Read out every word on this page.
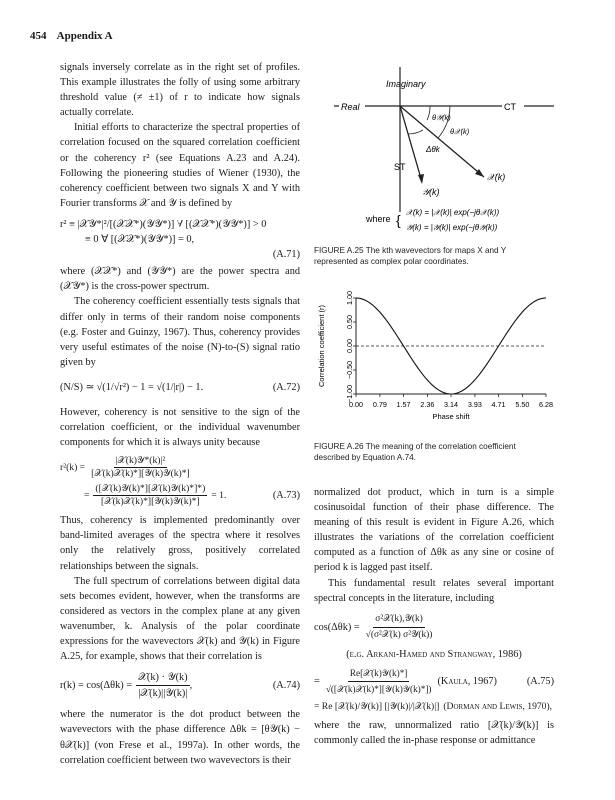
454 Appendix A

signals inversely correlate as in the right set of profiles. This example illustrates the folly of using some arbitrary threshold value (≠ ±1) of r to indicate how signals actually correlate.

Initial efforts to characterize the spectral properties of correlation focused on the squared correlation coefficient or the coherency r² (see Equations A.23 and A.24). Following the pioneering studies of Wiener (1930), the coherency coefficient between two signals X and Y with Fourier transforms 𝒳 and 𝒴 is defined by

r² ≡ |𝒳𝒴*|²/[(𝒳𝒳*)(𝒴𝒴*)] ∀ [(𝒳𝒳*)(𝒴𝒴*)] > 0
≡ 0 ∀ [(𝒳𝒳*)(𝒴𝒴*)] = 0,
(A.71)

where (𝒳𝒳*) and (𝒴𝒴*) are the power spectra and (𝒳𝒴*) is the cross-power spectrum.

The coherency coefficient essentially tests signals that differ only in terms of their random noise components (e.g. Foster and Guinzy, 1967). Thus, coherency provides very useful estimates of the noise (N)-to-(S) signal ratio given by

(N/S) ≃ √(1/√r²) − 1 = √(1/|r|) − 1.	(A.72)

However, coherency is not sensitive to the sign of the correlation coefficient, or the individual wavenumber components for which it is always unity because

$r^2(k) = \frac{\text{|𝒳(k)𝒴*(k)|²}}{\text{[𝒳(k)𝒳(k)*][𝒴(k)𝒴(k)*]}}$
= $\frac{\text{([𝒳(k)𝒴(k)*][𝒳(k)𝒴(k)*]*)}}{\text{[𝒳(k)𝒳(k)*][𝒴(k)𝒴(k)*]}} = 1$.	(A.73)

Thus, coherency is implemented predominantly over band-limited averages of the spectra where it resolves only the relatively gross, positively correlated relationships between the signals.

The full spectrum of correlations between digital data sets becomes evident, however, when the transforms are considered as vectors in the complex plane at any given wavenumber, k. Analysis of the polar coordinate expressions for the wavevectors 𝒳(k) and 𝒴(k) in Figure A.25, for example, shows that their correlation is

$r(k) = \cos(\Delta\theta k) = \frac{\text{𝒳(k) · 𝒴(k)}}{\text{|𝒳(k)||𝒴(k)|}}$ ,	(A.74)

where the numerator is the dot product between the wavevectors with the phase difference Δθk = [θ𝒴(k) − θ𝒳(k)] (von Frese et al., 1997a). In other words, the correlation coefficient between two wavevectors is their

Imaginary
Real	CT
ST
𝒳(k)
𝒴(k)
θ𝒴(k)
θ𝒳(k)
Δθk
where { 𝒳(k) = |𝒳(k)| exp(−jθ𝒳(k))
𝒴(k) = |𝒴(k)| exp(−jθ𝒴(k))
FIGURE A.25 The kth wavevectors for maps X and Y represented as complex polar coordinates.
0.00 0.79 1.57 2.36 3.14 3.93 4.71 5.50 6.28
−1.00
−0.50
0.00
0.50
1.00
Phase shift
Correlation coefficient (r)
FIGURE A.26 The meaning of the correlation coefficient described by Equation A.74.

normalized dot product, which in turn is a simple cosinusoidal function of their phase difference. The meaning of this result is evident in Figure A.26, which illustrates the variations of the correlation coefficient computed as a function of Δθk as any sine or cosine of period k is lagged past itself.

This fundamental result relates several important spectral concepts in the literature, including

$\cos(\Delta\theta k) = \frac{\text{σ²𝒳(k),𝒴(k)}}{\text{√(σ²𝒳(k) σ²𝒴(k))}}$
(e.g. Arkani-Hamed and Strangway, 1986)
= $\frac{\text{Re[𝒳(k)𝒴(k)*]}}{\text{√([𝒳(k)𝒳(k)*][𝒴(k)𝒴(k)*])}}$ (Kaula, 1967)	(A.75)
= Re [𝒳(k)/𝒴(k)] [|𝒴(k)|/|𝒳(k)|] (Dorman and Lewis, 1970),

where the raw, unnormalized ratio [𝒳(k)/𝒴(k)] is commonly called the in-phase response or admittance
